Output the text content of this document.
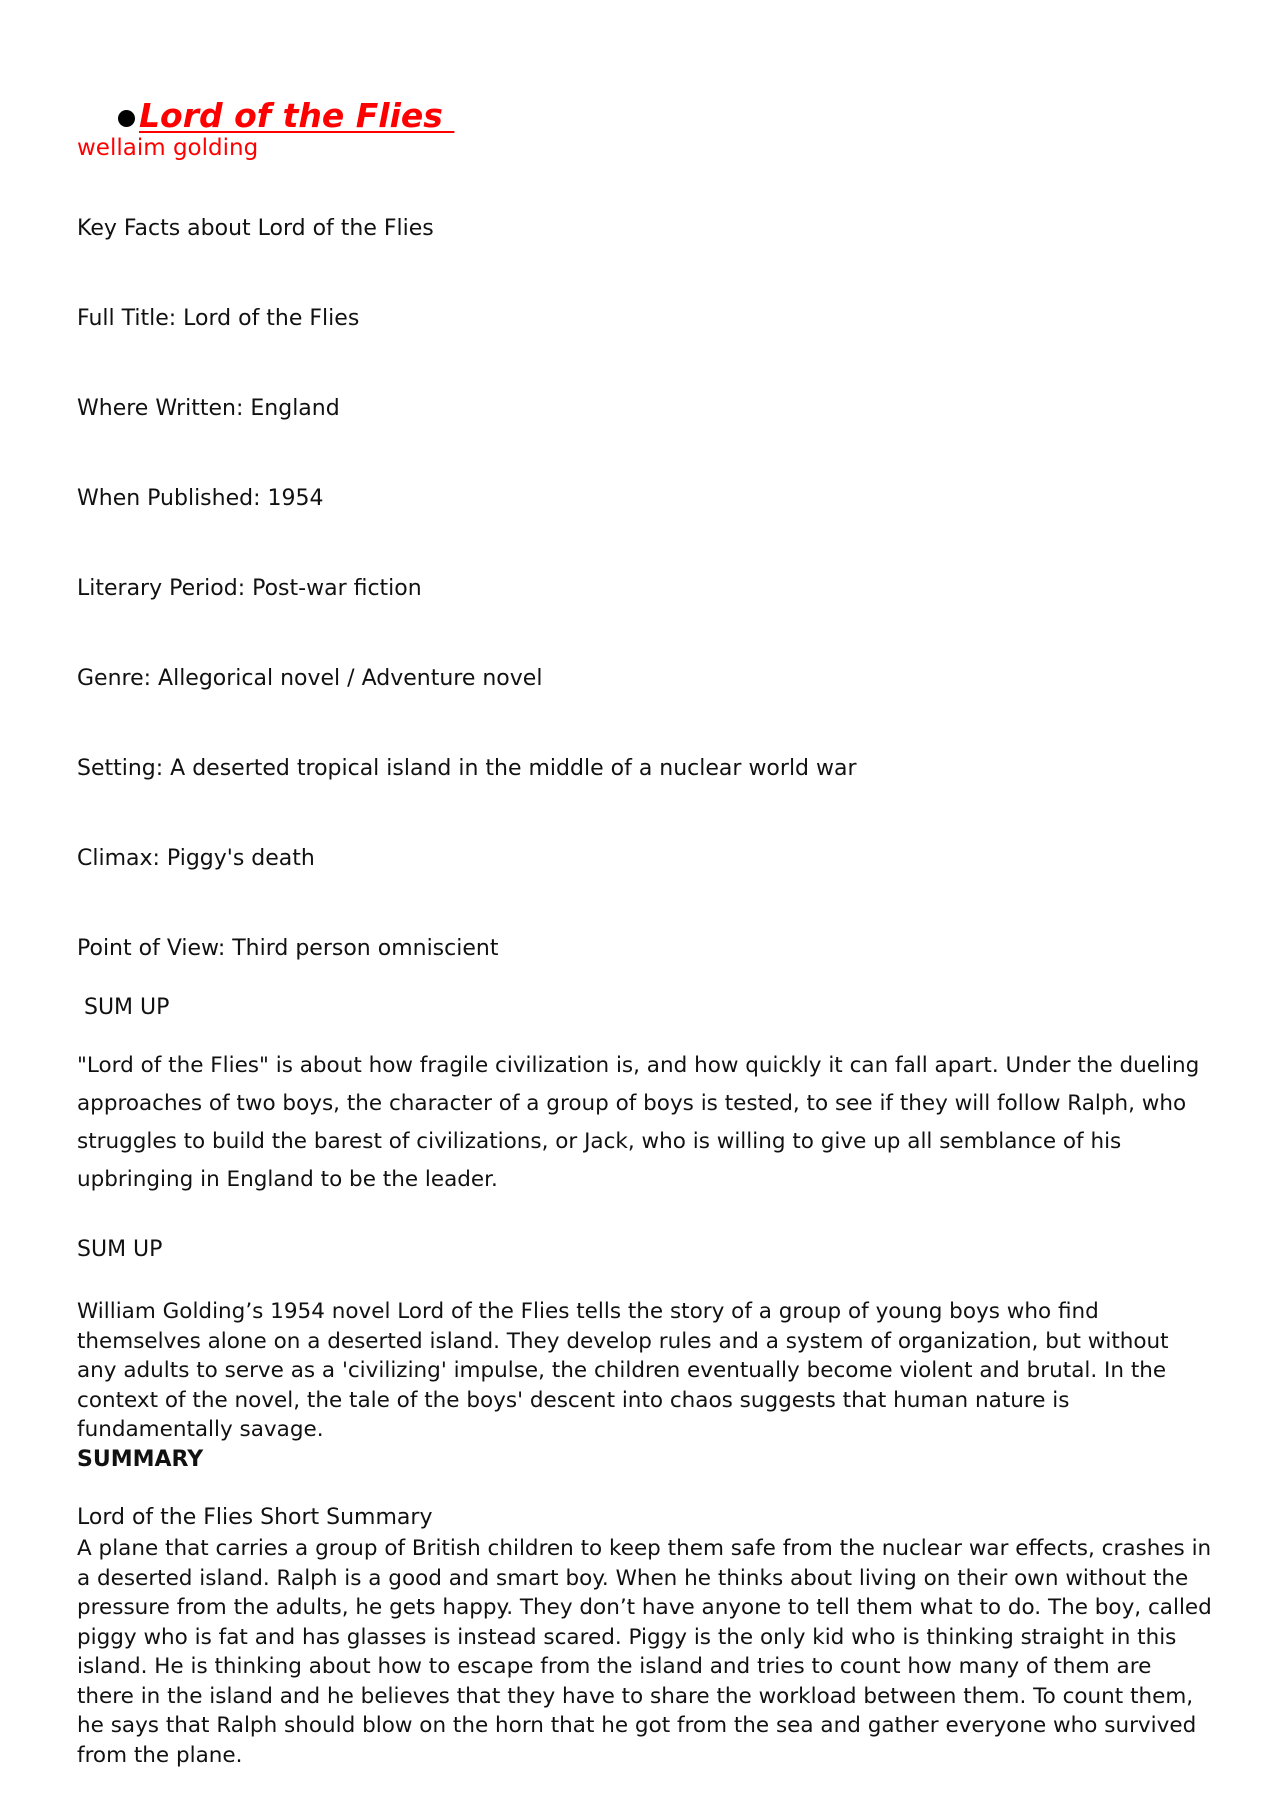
Lord of the Flies
wellaim golding
Key Facts about Lord of the Flies
Full Title: Lord of the Flies
Where Written: England
When Published: 1954
Literary Period: Post-war fiction
Genre: Allegorical novel / Adventure novel
Setting: A deserted tropical island in the middle of a nuclear world war
Climax: Piggy's death
Point of View: Third person omniscient
SUM UP
"Lord of the Flies" is about how fragile civilization is, and how quickly it can fall apart. Under the dueling approaches of two boys, the character of a group of boys is tested, to see if they will follow Ralph, who struggles to build the barest of civilizations, or Jack, who is willing to give up all semblance of his upbringing in England to be the leader.
SUM UP
William Golding’s 1954 novel Lord of the Flies tells the story of a group of young boys who find themselves alone on a deserted island. They develop rules and a system of organization, but without any adults to serve as a 'civilizing' impulse, the children eventually become violent and brutal. In the context of the novel, the tale of the boys' descent into chaos suggests that human nature is fundamentally savage.
SUMMARY
Lord of the Flies Short Summary
A plane that carries a group of British children to keep them safe from the nuclear war effects, crashes in a deserted island. Ralph is a good and smart boy. When he thinks about living on their own without the pressure from the adults, he gets happy. They don’t have anyone to tell them what to do. The boy, called piggy who is fat and has glasses is instead scared. Piggy is the only kid who is thinking straight in this island. He is thinking about how to escape from the island and tries to count how many of them are there in the island and he believes that they have to share the workload between them. To count them, he says that Ralph should blow on the horn that he got from the sea and gather everyone who survived from the plane.
